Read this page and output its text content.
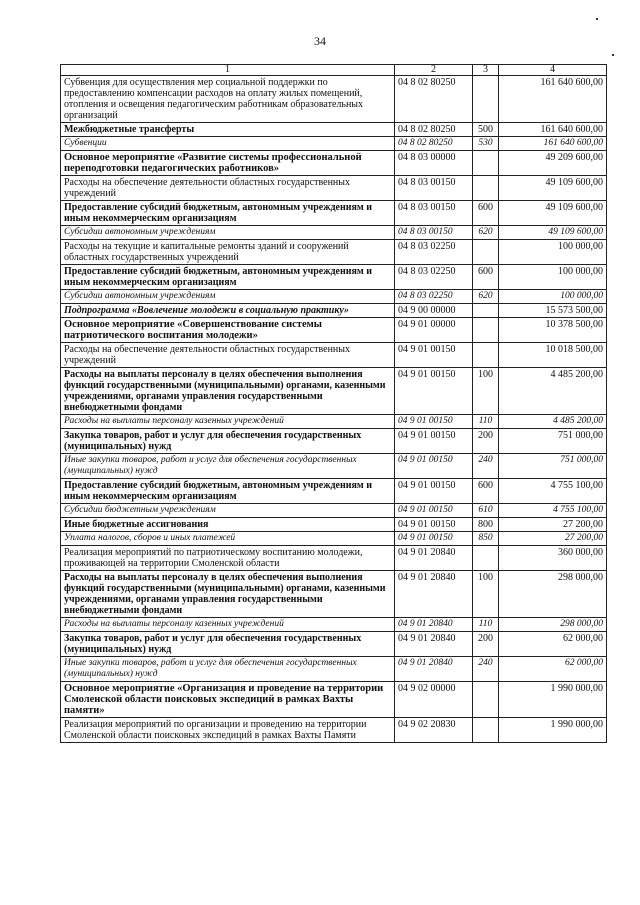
34
1	2	3	4
Субвенция для осуществления мер социальной поддержки по предоставлению компенсации расходов на оплату жилых помещений, отопления и освещения педагогическим работникам образовательных организаций	04 8 02 80250		161 640 600,00
Межбюджетные трансферты	04 8 02 80250	500	161 640 600,00
Субвенции	04 8 02 80250	530	161 640 600,00
Основное мероприятие «Развитие системы профессиональной переподготовки педагогических работников»	04 8 03 00000		49 209 600,00
Расходы на обеспечение деятельности областных государственных учреждений	04 8 03 00150		49 109 600,00
Предоставление субсидий бюджетным, автономным учреждениям и иным некоммерческим организациям	04 8 03 00150	600	49 109 600,00
Субсидии автономным учреждениям	04 8 03 00150	620	49 109 600,00
Расходы на текущие и капитальные ремонты зданий и сооружений областных государственных учреждений	04 8 03 02250		100 000,00
Предоставление субсидий бюджетным, автономным учреждениям и иным некоммерческим организациям	04 8 03 02250	600	100 000,00
Субсидии автономным учреждениям	04 8 03 02250	620	100 000,00
Подпрограмма «Вовлечение молодежи в социальную практику»	04 9 00 00000		15 573 500,00
Основное мероприятие «Совершенствование системы патриотического воспитания молодежи»	04 9 01 00000		10 378 500,00
Расходы на обеспечение деятельности областных государственных учреждений	04 9 01 00150		10 018 500,00
Расходы на выплаты персоналу в целях обеспечения выполнения функций государственными (муниципальными) органами, казенными учреждениями, органами управления государственными внебюджетными фондами	04 9 01 00150	100	4 485 200,00
Расходы на выплаты персоналу казенных учреждений	04 9 01 00150	110	4 485 200,00
Закупка товаров, работ и услуг для обеспечения государственных (муниципальных) нужд	04 9 01 00150	200	751 000,00
Иные закупки товаров, работ и услуг для обеспечения государственных (муниципальных) нужд	04 9 01 00150	240	751 000,00
Предоставление субсидий бюджетным, автономным учреждениям и иным некоммерческим организациям	04 9 01 00150	600	4 755 100,00
Субсидии бюджетным учреждениям	04 9 01 00150	610	4 755 100,00
Иные бюджетные ассигнования	04 9 01 00150	800	27 200,00
Уплата налогов, сборов и иных платежей	04 9 01 00150	850	27 200,00
Реализация мероприятий по патриотическому воспитанию молодежи, проживающей на территории Смоленской области	04 9 01 20840		360 000,00
Расходы на выплаты персоналу в целях обеспечения выполнения функций государственными (муниципальными) органами, казенными учреждениями, органами управления государственными внебюджетными фондами	04 9 01 20840	100	298 000,00
Расходы на выплаты персоналу казенных учреждений	04 9 01 20840	110	298 000,00
Закупка товаров, работ и услуг для обеспечения государственных (муниципальных) нужд	04 9 01 20840	200	62 000,00
Иные закупки товаров, работ и услуг для обеспечения государственных (муниципальных) нужд	04 9 01 20840	240	62 000,00
Основное мероприятие «Организация и проведение на территории Смоленской области поисковых экспедиций в рамках Вахты памяти»	04 9 02 00000		1 990 000,00
Реализация мероприятий по организации и проведению на территории Смоленской области поисковых экспедиций в рамках Вахты Памяти	04 9 02 20830		1 990 000,00
